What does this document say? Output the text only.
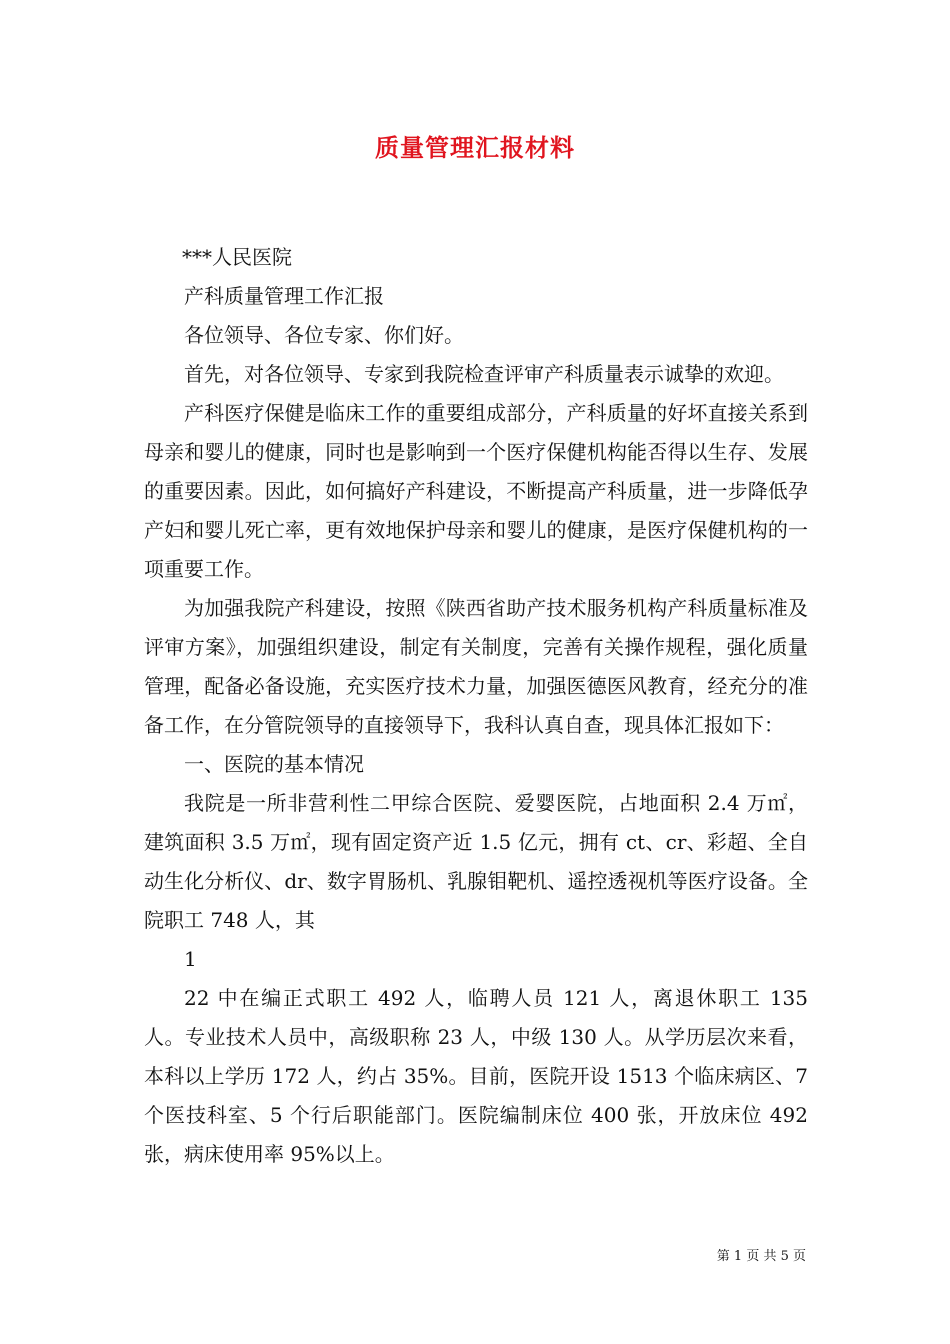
质量管理汇报材料

***人民医院

产科质量管理工作汇报

各位领导、各位专家、你们好。

首先，对各位领导、专家到我院检查评审产科质量表示诚挚的欢迎。

产科医疗保健是临床工作的重要组成部分，产科质量的好坏直接关系到母亲和婴儿的健康，同时也是影响到一个医疗保健机构能否得以生存、发展的重要因素。因此，如何搞好产科建设，不断提高产科质量，进一步降低孕产妇和婴儿死亡率，更有效地保护母亲和婴儿的健康，是医疗保健机构的一项重要工作。

为加强我院产科建设，按照《陕西省助产技术服务机构产科质量标准及评审方案》，加强组织建设，制定有关制度，完善有关操作规程，强化质量管理，配备必备设施，充实医疗技术力量，加强医德医风教育，经充分的准备工作，在分管院领导的直接领导下，我科认真自查，现具体汇报如下：

一、医院的基本情况

我院是一所非营利性二甲综合医院、爱婴医院，占地面积 2.4 万㎡，建筑面积 3.5 万㎡，现有固定资产近 1.5 亿元，拥有 ct、cr、彩超、全自动生化分析仪、dr、数字胃肠机、乳腺钼靶机、遥控透视机等医疗设备。全院职工 748 人，其

1

22 中在编正式职工 492 人，临聘人员 121 人，离退休职工 135 人。专业技术人员中，高级职称 23 人，中级 130 人。从学历层次来看，本科以上学历 172 人，约占 35%。目前，医院开设 1513 个临床病区、7 个医技科室、5 个行后职能部门。医院编制床位 400 张，开放床位 492 张，病床使用率 95%以上。

第 1 页 共 5 页
